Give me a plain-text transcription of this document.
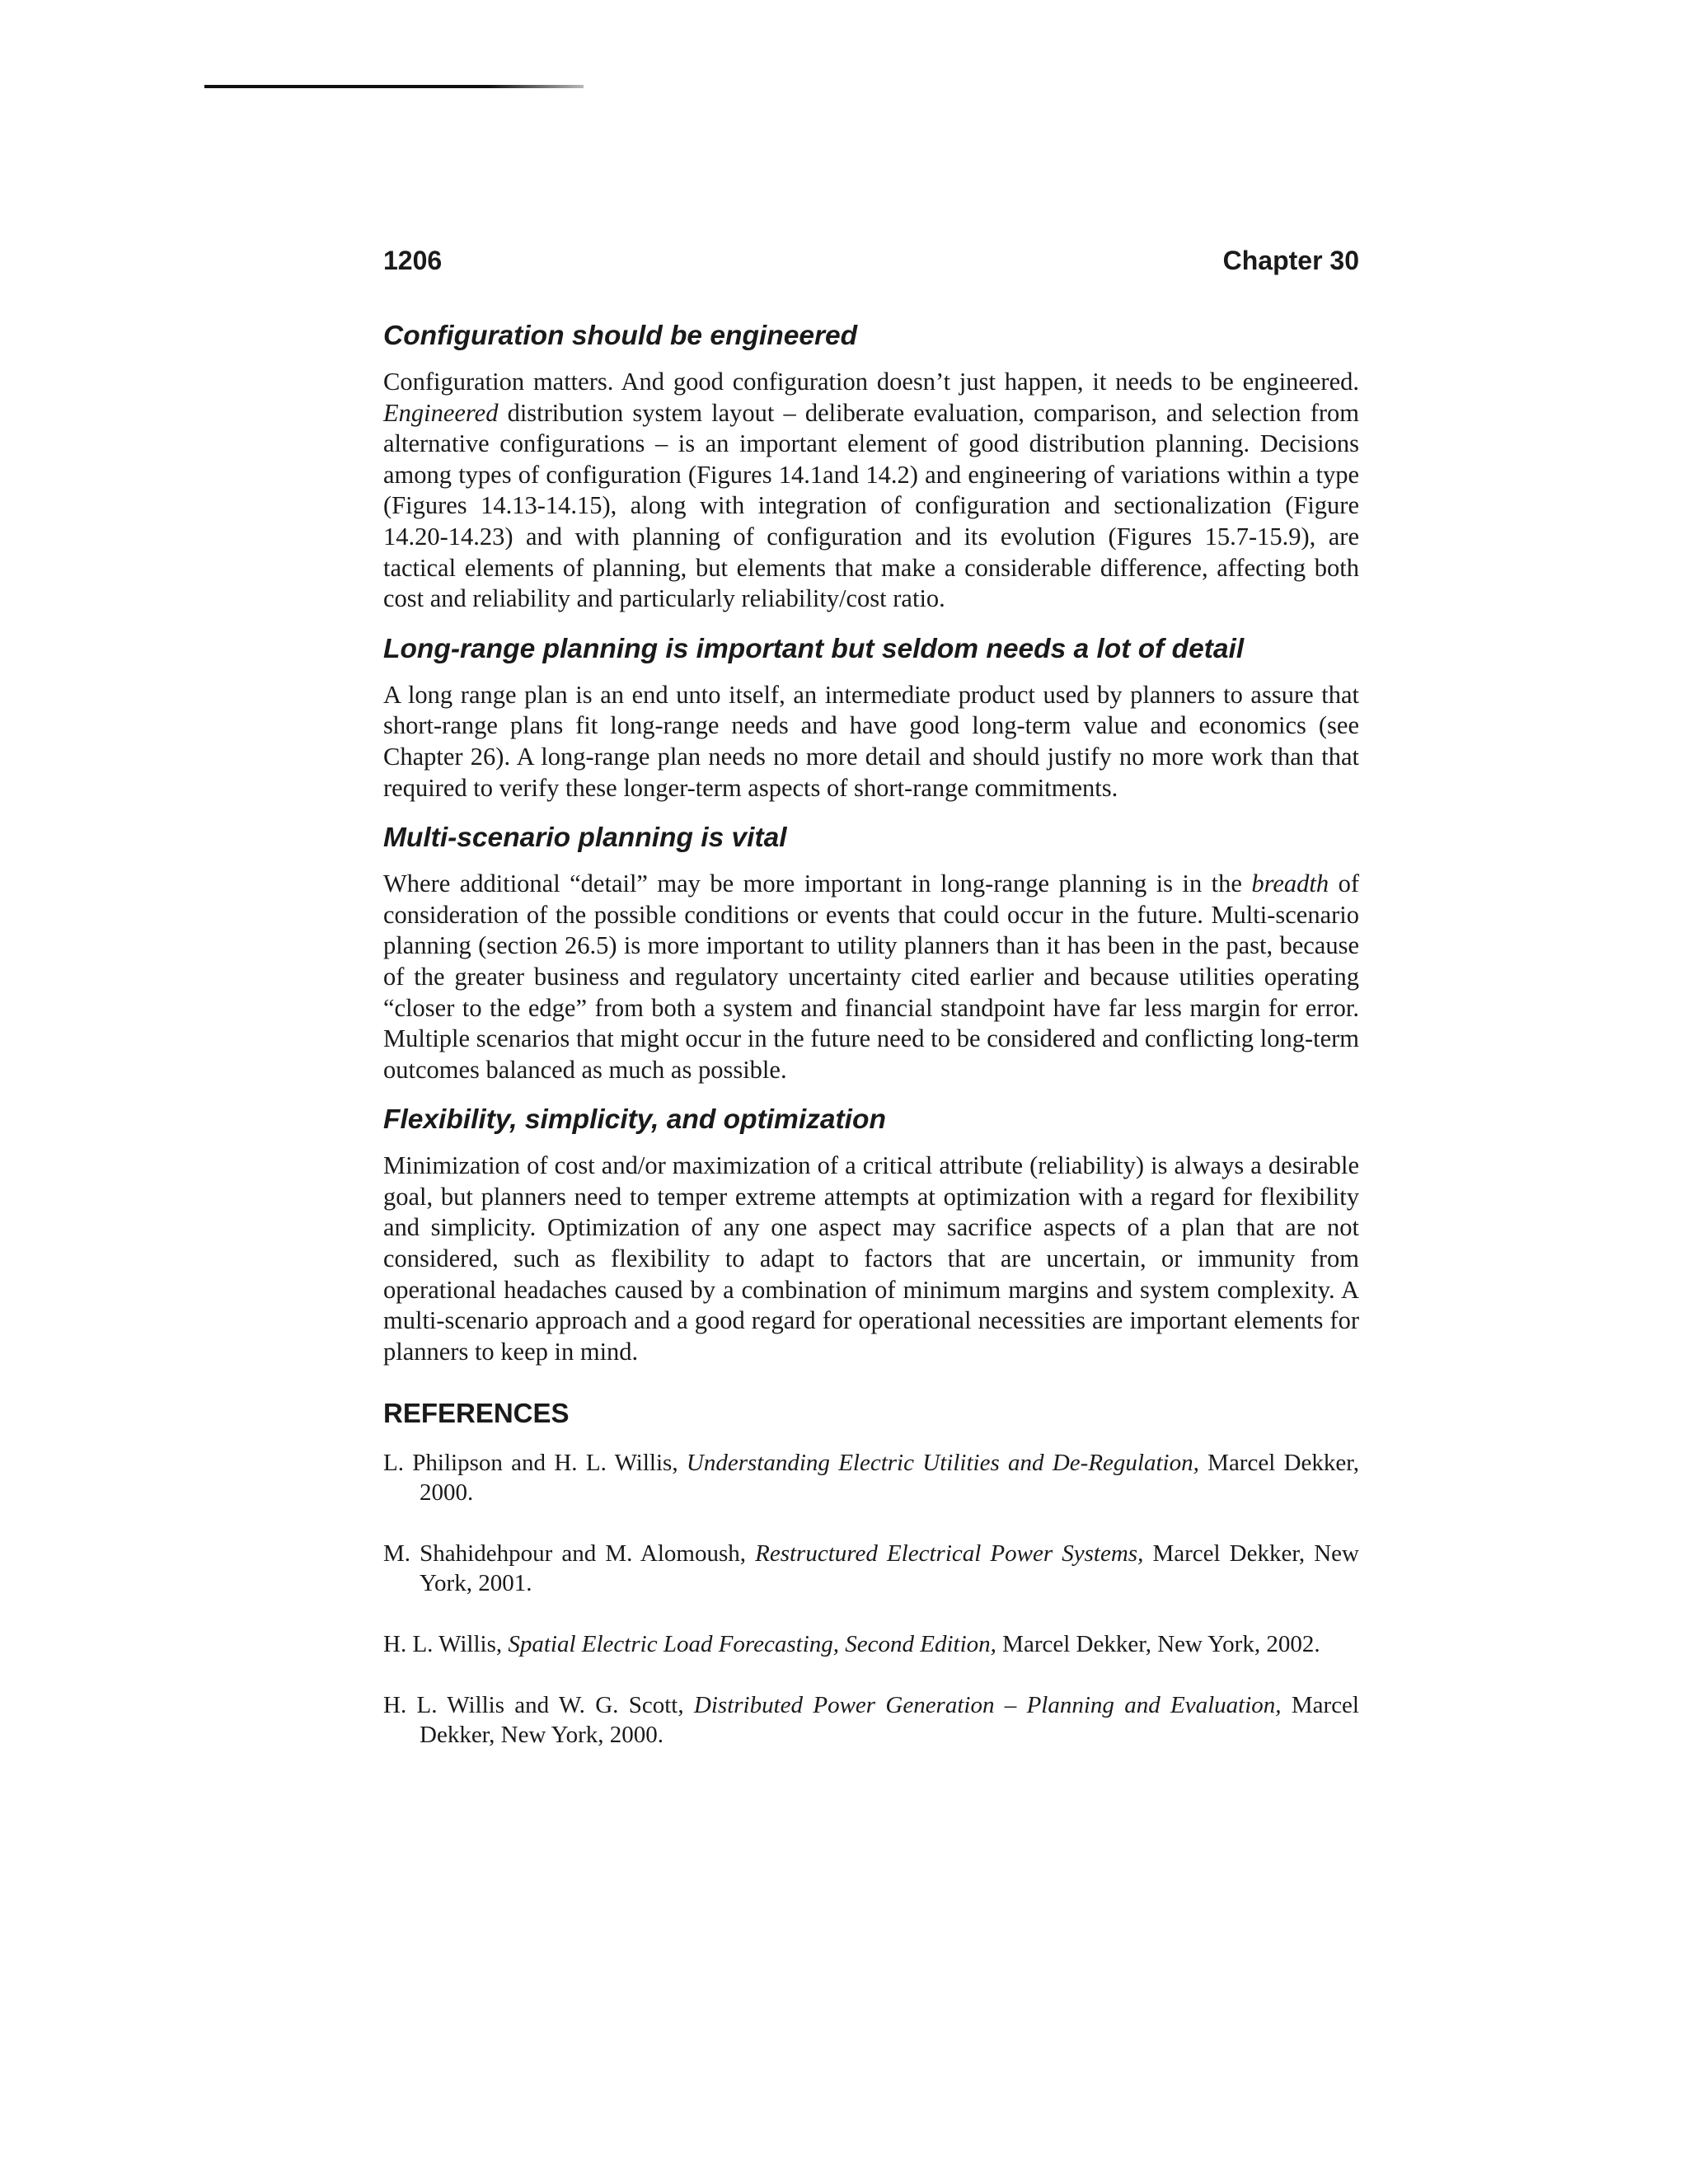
1206	Chapter 30
Configuration should be engineered

Configuration matters. And good configuration doesn’t just happen, it needs to be engineered. Engineered distribution system layout – deliberate evaluation, comparison, and selection from alternative configurations – is an important element of good distribution planning. Decisions among types of configuration (Figures 14.1and 14.2) and engineering of variations within a type (Figures 14.13-14.15), along with integration of configuration and sectionalization (Figure 14.20-14.23) and with planning of configuration and its evolution (Figures 15.7-15.9), are tactical elements of planning, but elements that make a considerable difference, affecting both cost and reliability and particularly reliability/cost ratio.

Long-range planning is important but seldom needs a lot of detail

A long range plan is an end unto itself, an intermediate product used by planners to assure that short-range plans fit long-range needs and have good long-term value and economics (see Chapter 26). A long-range plan needs no more detail and should justify no more work than that required to verify these longer-term aspects of short-range commitments.

Multi-scenario planning is vital

Where additional “detail” may be more important in long-range planning is in the breadth of consideration of the possible conditions or events that could occur in the future. Multi-scenario planning (section 26.5) is more important to utility planners than it has been in the past, because of the greater business and regulatory uncertainty cited earlier and because utilities operating “closer to the edge” from both a system and financial standpoint have far less margin for error. Multiple scenarios that might occur in the future need to be considered and conflicting long-term outcomes balanced as much as possible.

Flexibility, simplicity, and optimization

Minimization of cost and/or maximization of a critical attribute (reliability) is always a desirable goal, but planners need to temper extreme attempts at optimization with a regard for flexibility and simplicity. Optimization of any one aspect may sacrifice aspects of a plan that are not considered, such as flexibility to adapt to factors that are uncertain, or immunity from operational headaches caused by a combination of minimum margins and system complexity. A multi-scenario approach and a good regard for operational necessities are important elements for planners to keep in mind.

REFERENCES
L. Philipson and H. L. Willis, Understanding Electric Utilities and De-Regulation, Marcel Dekker, 2000.
M. Shahidehpour and M. Alomoush, Restructured Electrical Power Systems, Marcel Dekker, New York, 2001.
H. L. Willis, Spatial Electric Load Forecasting, Second Edition, Marcel Dekker, New York, 2002.
H. L. Willis and W. G. Scott, Distributed Power Generation – Planning and Evaluation, Marcel Dekker, New York, 2000.
